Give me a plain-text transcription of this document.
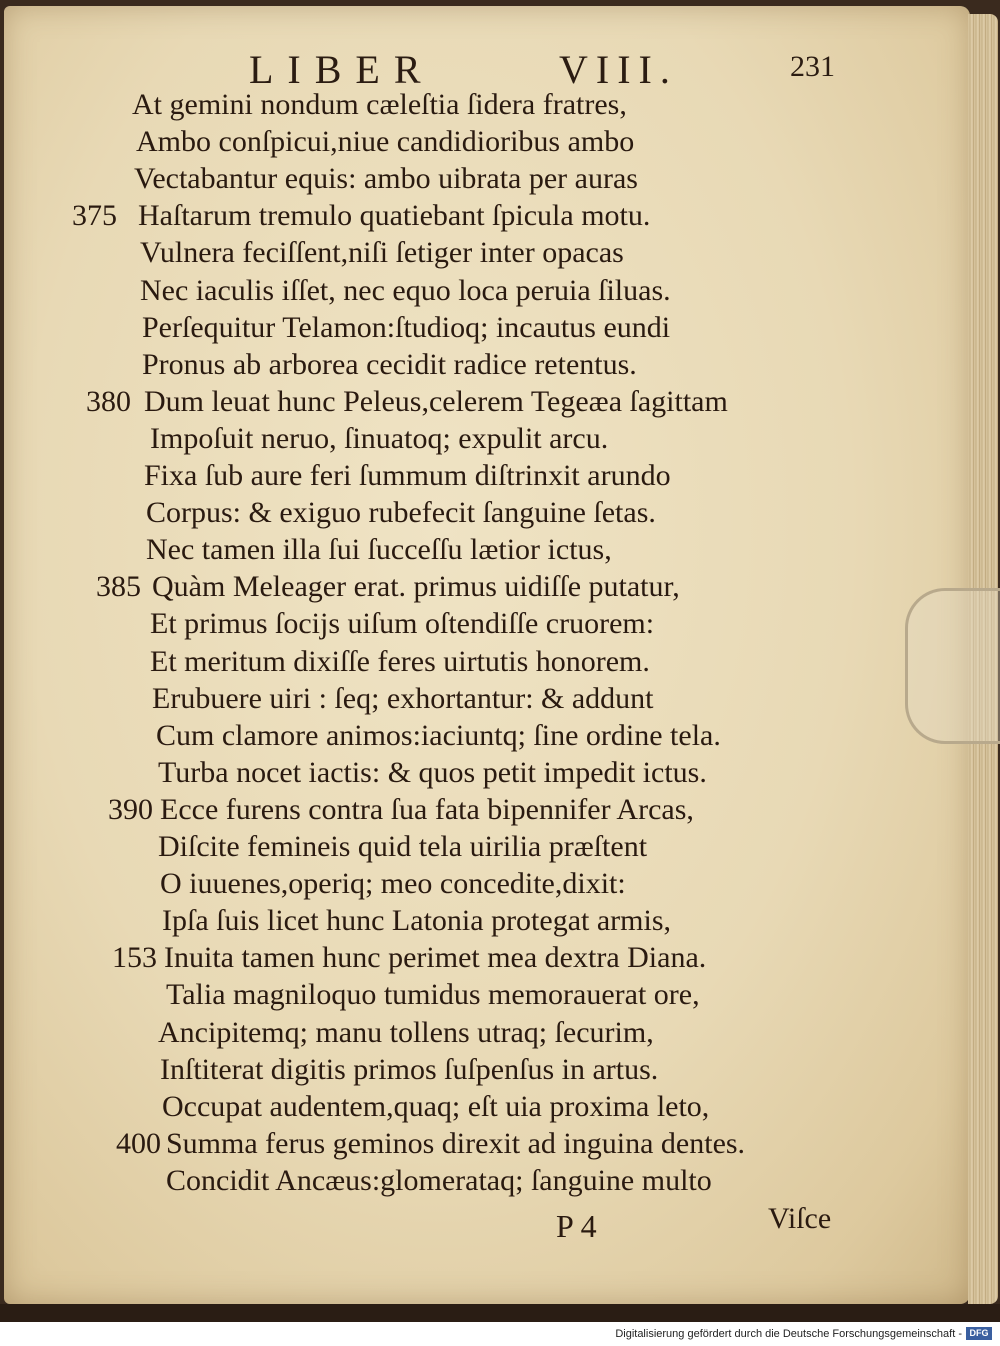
LIBER	VIII.	231
At gemini nondum cæleſtia ſidera fratres,
Ambo conſpicui,niue candidioribus ambo
Vectabantur equis: ambo uibrata per auras
Haſtarum tremulo quatiebant ſpicula motu.
375
Vulnera feciſſent,niſi ſetiger inter opacas
Nec iaculis iſſet, nec equo loca peruia ſiluas.
Perſequitur Telamon:ſtudioq; incautus eundi
Pronus ab arborea cecidit radice retentus.
Dum leuat hunc Peleus,celerem Tegeæa ſagittam
380
Impoſuit neruo, ſinuatoq; expulit arcu.
Fixa ſub aure feri ſummum diſtrinxit arundo
Corpus: & exiguo rubefecit ſanguine ſetas.
Nec tamen illa ſui ſucceſſu lætior ictus,
Quàm Meleager erat. primus uidiſſe putatur,
385
Et primus ſocijs uiſum oſtendiſſe cruorem:
Et meritum dixiſſe feres uirtutis honorem.
Erubuere uiri : ſeq; exhortantur: & addunt
Cum clamore animos:iaciuntq; ſine ordine tela.
Turba nocet iactis: & quos petit impedit ictus.
Ecce furens contra ſua fata bipennifer Arcas,
390
Diſcite femineis quid tela uirilia præſtent
O iuuenes,operiq; meo concedite,dixit:
Ipſa ſuis licet hunc Latonia protegat armis,
Inuita tamen hunc perimet mea dextra Diana.
153
Talia magniloquo tumidus memorauerat ore,
Ancipitemq; manu tollens utraq; ſecurim,
Inſtiterat digitis primos ſuſpenſus in artus.
Occupat audentem,quaq; eſt uia proxima leto,
Summa ferus geminos direxit ad inguina dentes.
400
Concidit Ancæus:glomerataq; ſanguine multo
P 4	Viſce
Digitalisierung gefördert durch die Deutsche Forschungsgemeinschaft - DFG
